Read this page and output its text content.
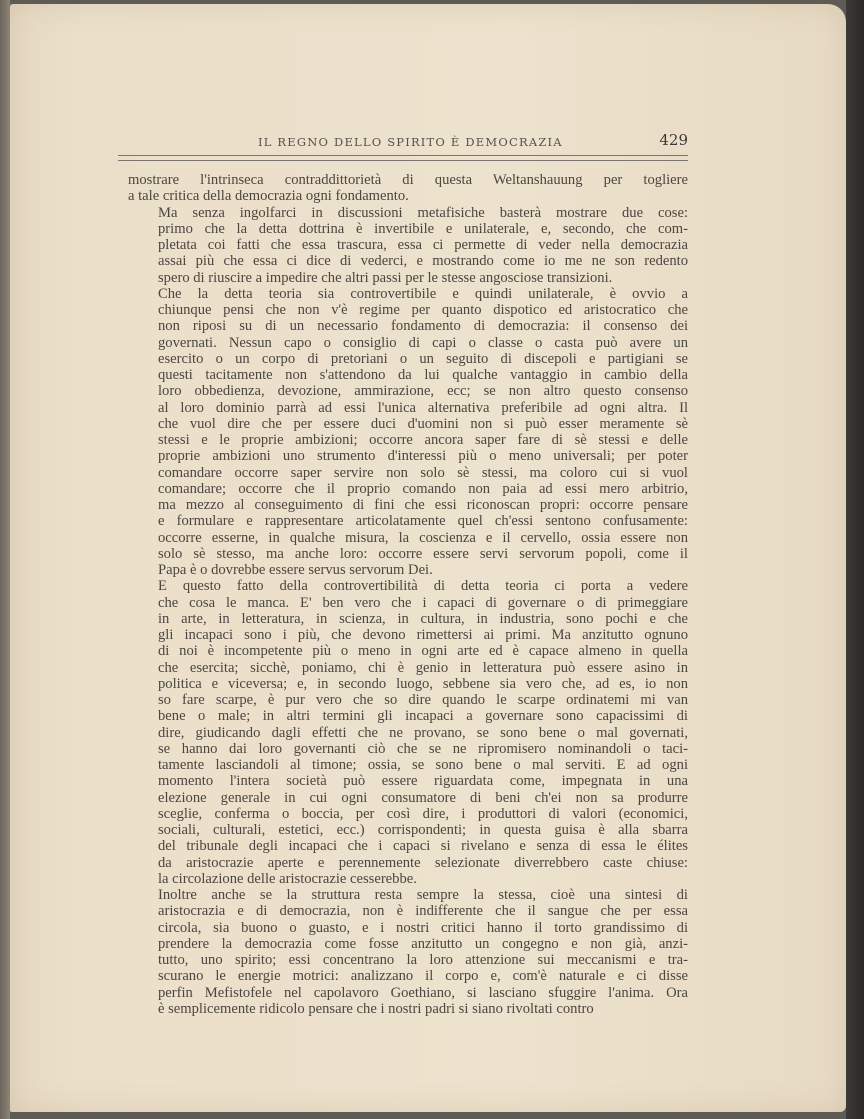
IL REGNO DELLO SPIRITO È DEMOCRAZIA	429

mostrare l'intrinseca contraddittorietà di questa Weltanshauung per togliere
a tale critica della democrazia ogni fondamento.

Ma senza ingolfarci in discussioni metafisiche basterà mostrare due cose:
primo che la detta dottrina è invertibile e unilaterale, e, secondo, che com-
pletata coi fatti che essa trascura, essa ci permette di veder nella democrazia
assai più che essa ci dice di vederci, e mostrando come io me ne son redento
spero di riuscire a impedire che altri passi per le stesse angosciose transizioni.

Che la detta teoria sia controvertibile e quindi unilaterale, è ovvio a
chiunque pensi che non v'è regime per quanto dispotico ed aristocratico che
non riposi su di un necessario fondamento di democrazia: il consenso dei
governati. Nessun capo o consiglio di capi o classe o casta può avere un
esercito o un corpo di pretoriani o un seguito di discepoli e partigiani se
questi tacitamente non s'attendono da lui qualche vantaggio in cambio della
loro obbedienza, devozione, ammirazione, ecc; se non altro questo consenso
al loro dominio parrà ad essi l'unica alternativa preferibile ad ogni altra. Il
che vuol dire che per essere duci d'uomini non si può esser meramente sè
stessi e le proprie ambizioni; occorre ancora saper fare di sè stessi e delle
proprie ambizioni uno strumento d'interessi più o meno universali; per poter
comandare occorre saper servire non solo sè stessi, ma coloro cui si vuol
comandare; occorre che il proprio comando non paia ad essi mero arbitrio,
ma mezzo al conseguimento di fini che essi riconoscan propri: occorre pensare
e formulare e rappresentare articolatamente quel ch'essi sentono confusamente:
occorre esserne, in qualche misura, la coscienza e il cervello, ossia essere non
solo sè stesso, ma anche loro: occorre essere servi servorum popoli, come il
Papa è o dovrebbe essere servus servorum Dei.

E questo fatto della controvertibilità di detta teoria ci porta a vedere
che cosa le manca. E' ben vero che i capaci di governare o di primeggiare
in arte, in letteratura, in scienza, in cultura, in industria, sono pochi e che
gli incapaci sono i più, che devono rimettersi ai primi. Ma anzitutto ognuno
di noi è incompetente più o meno in ogni arte ed è capace almeno in quella
che esercita; sicchè, poniamo, chi è genio in letteratura può essere asino in
politica e viceversa; e, in secondo luogo, sebbene sia vero che, ad es, io non
so fare scarpe, è pur vero che so dire quando le scarpe ordinatemi mi van
bene o male; in altri termini gli incapaci a governare sono capacissimi di
dire, giudicando dagli effetti che ne provano, se sono bene o mal governati,
se hanno dai loro governanti ciò che se ne ripromisero nominandoli o taci-
tamente lasciandoli al timone; ossia, se sono bene o mal serviti. E ad ogni
momento l'intera società può essere riguardata come, impegnata in una
elezione generale in cui ogni consumatore di beni ch'ei non sa produrre
sceglie, conferma o boccia, per così dire, i produttori di valori (economici,
sociali, culturali, estetici, ecc.) corrispondenti; in questa guisa è alla sbarra
del tribunale degli incapaci che i capaci si rivelano e senza di essa le élites
da aristocrazie aperte e perennemente selezionate diverrebbero caste chiuse:
la circolazione delle aristocrazie cesserebbe.

Inoltre anche se la struttura resta sempre la stessa, cioè una sintesi di
aristocrazia e di democrazia, non è indifferente che il sangue che per essa
circola, sia buono o guasto, e i nostri critici hanno il torto grandissimo di
prendere la democrazia come fosse anzitutto un congegno e non già, anzi-
tutto, uno spirito; essi concentrano la loro attenzione sui meccanismi e tra-
scurano le energie motrici: analizzano il corpo e, com'è naturale e ci disse
perfin Mefistofele nel capolavoro Goethiano, si lasciano sfuggire l'anima. Ora
è semplicemente ridicolo pensare che i nostri padri si siano rivoltati contro
